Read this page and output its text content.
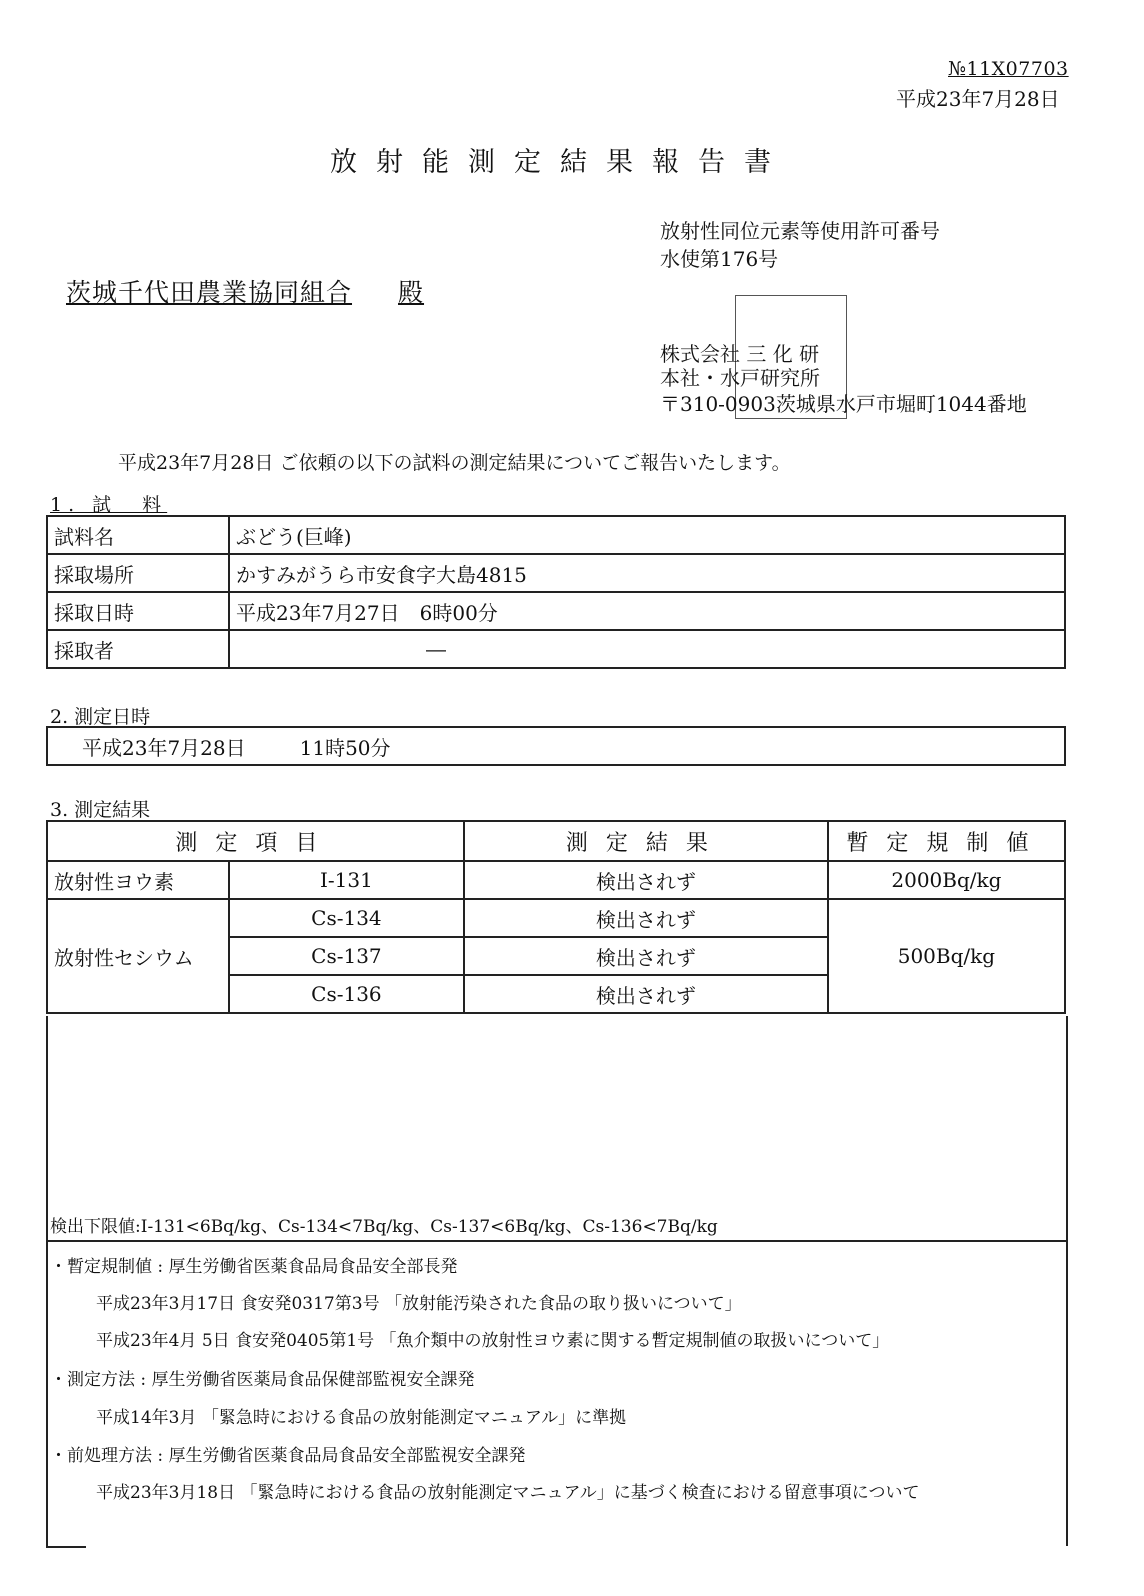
№11X07703
平成23年7月28日
放射能測定結果報告書
放射性同位元素等使用許可番号
水使第176号
茨城千代田農業協同組合 殿
株式会社 三 化 研
本社・水戸研究所
〒310-0903茨城県水戸市堀町1044番地
平成23年7月28日 ご依頼の以下の試料の測定結果についてご報告いたします。
1. 試　料
試料名	ぶどう(巨峰)
採取場所	かすみがうら市安食字大島4815
採取日時	平成23年7月27日　6時00分
採取者	―
2. 測定日時
平成23年7月28日	11時50分
3. 測定結果
測定項目		測定結果	暫定規制値
放射性ヨウ素	I-131	検出されず	2000Bq/kg
放射性セシウム	Cs-134	検出されず	500Bq/kg
	Cs-137	検出されず	
	Cs-136	検出されず	
検出下限値:I-131<6Bq/kg、Cs-134<7Bq/kg、Cs-137<6Bq/kg、Cs-136<7Bq/kg
・暫定規制値 : 厚生労働省医薬食品局食品安全部長発
平成23年3月17日 食安発0317第3号 「放射能汚染された食品の取り扱いについて」
平成23年4月 5日 食安発0405第1号 「魚介類中の放射性ヨウ素に関する暫定規制値の取扱いについて」
・測定方法 : 厚生労働省医薬局食品保健部監視安全課発
平成14年3月 「緊急時における食品の放射能測定マニュアル」に準拠
・前処理方法 : 厚生労働省医薬食品局食品安全部監視安全課発
平成23年3月18日 「緊急時における食品の放射能測定マニュアル」に基づく検査における留意事項について
